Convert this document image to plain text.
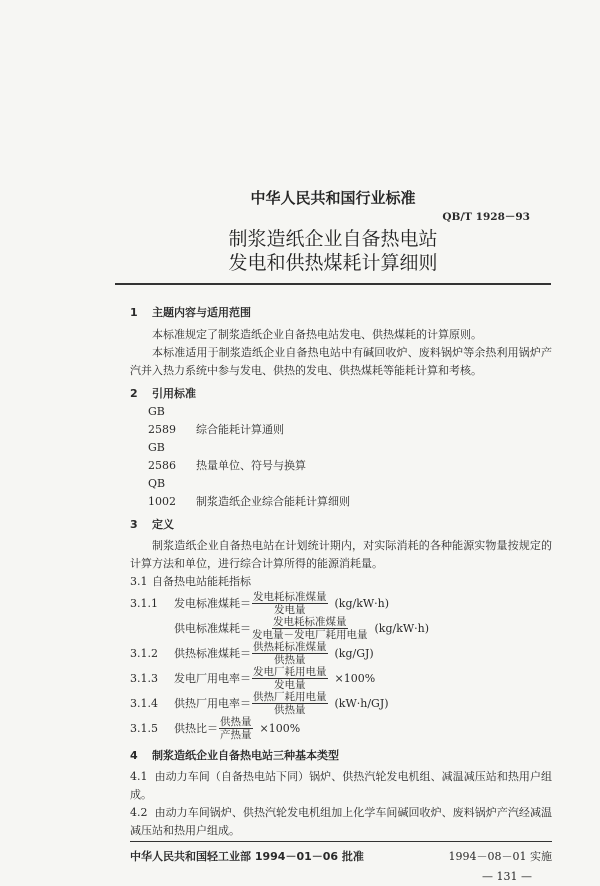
中华人民共和国行业标准
QB/T 1928－93
制浆造纸企业自备热电站
发电和供热煤耗计算细则
1 主题内容与适用范围
本标准规定了制浆造纸企业自备热电站发电、供热煤耗的计算原则。
本标准适用于制浆造纸企业自备热电站中有碱回收炉、废料锅炉等余热利用锅炉产汽并入热力系统中参与发电、供热的发电、供热煤耗等能耗计算和考核。
2 引用标准
GB 2589 综合能耗计算通则
GB 2586 热量单位、符号与换算
QB 1002 制浆造纸企业综合能耗计算细则
3 定义
制浆造纸企业自备热电站在计划统计期内，对实际消耗的各种能源实物量按规定的计算方法和单位，进行综合计算所得的能源消耗量。
3.1 自备热电站能耗指标
3.1.1	发电标准煤耗＝ $\frac{\text{发电耗标准煤量}}{\text{发电量}} (kg/kW\cdot h)$
供电标准煤耗＝ $\frac{\text{发电耗标准煤量}}{\text{发电量－发电厂耗用电量}} (kg/kW\cdot h)$
3.1.2	供热标准煤耗＝ $\frac{\text{供热耗标准煤量}}{\text{供热量}} (kg/GJ)$
3.1.3	发电厂用电率＝ $\frac{\text{发电厂耗用电量}}{\text{发电量}} \times 100\%$
3.1.4	供热厂用电率＝ $\frac{\text{供热厂耗用电量}}{\text{供热量}} (kW\cdot h/GJ)$
3.1.5	供热比＝ $\frac{\text{供热量}}{\text{产热量}} \times 100\%$
4 制浆造纸企业自备热电站三种基本类型
4.1 由动力车间（自备热电站下同）锅炉、供热汽轮发电机组、减温减压站和热用户组成。
4.2 由动力车间锅炉、供热汽轮发电机组加上化学车间碱回收炉、废料锅炉产汽经减温减压站和热用户组成。
中华人民共和国轻工业部 1994－01－06 批准	1994－08－01 实施
— 131 —
